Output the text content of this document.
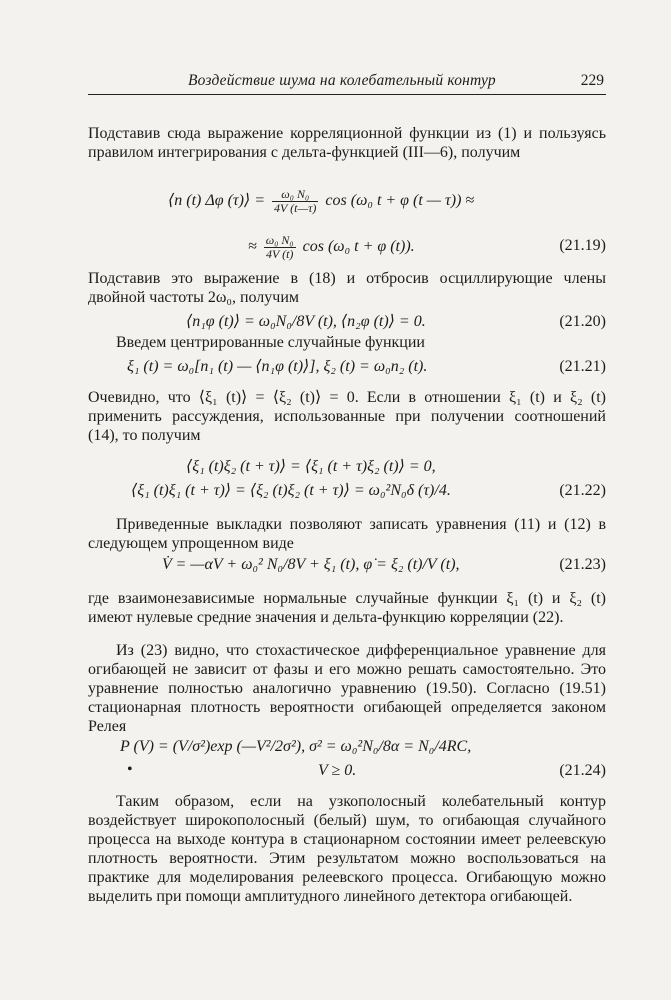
Воздействие шума на колебательный контур	229
Подставив сюда выражение корреляционной функции из (1) и пользуясь правилом интегрирования с дельта-функцией (III—6), получим
⟨n (t) Δφ (τ)⟩ = $\frac{\text{ω₀ N₀}}{4V (t—\tau)}$ cos (ω₀ t + φ (t — τ)) ≈
≈ $\frac{\text{ω₀ N₀}}{4V (t)}$ cos (ω₀ t + φ (t)).	(21.19)
Подставив это выражение в (18) и отбросив осциллирующие члены двойной частоты 2ω₀, получим
⟨n₁φ (t)⟩ = ω₀N₀/8V (t), ⟨n₂φ (t)⟩ = 0.	(21.20)
Введем центрированные случайные функции
ξ₁ (t) = ω₀[n₁ (t) — ⟨n₁φ (t)⟩], ξ₂ (t) = ω₀n₂ (t).	(21.21)
Очевидно, что ⟨ξ₁ (t)⟩ = ⟨ξ₂ (t)⟩ = 0. Если в отношении ξ₁ (t) и ξ₂ (t) применить рассуждения, использованные при получении соотношений (14), то получим
⟨ξ₁ (t)ξ₂ (t + τ)⟩ = ⟨ξ₁ (t + τ)ξ₂ (t)⟩ = 0,
⟨ξ₁ (t)ξ₁ (t + τ)⟩ = ⟨ξ₂ (t)ξ₂ (t + τ)⟩ = ω₀²N₀δ (τ)/4.	(21.22)
Приведенные выкладки позволяют записать уравнения (11) и (12) в следующем упрощенном виде
V̇ = —αV + ω₀² N₀/8V + ξ₁ (t), φ̇ = ξ₂ (t)/V (t),	(21.23)
где взаимонезависимые нормальные случайные функции ξ₁ (t) и ξ₂ (t) имеют нулевые средние значения и дельта-функцию корреляции (22).
Из (23) видно, что стохастическое дифференциальное уравнение для огибающей не зависит от фазы и его можно решать самостоятельно. Это уравнение полностью аналогично уравнению (19.50). Согласно (19.51) стационарная плотность вероятности огибающей определяется законом Релея
P (V) = (V/σ²)exp (—V²/2σ²), σ² = ω₀²N₀/8α = N₀/4RC,
•	V ≥ 0.	(21.24)
Таким образом, если на узкополосный колебательный контур воздействует широкополосный (белый) шум, то огибающая случайного процесса на выходе контура в стационарном состоянии имеет релеевскую плотность вероятности. Этим результатом можно воспользоваться на практике для моделирования релеевского процесса. Огибающую можно выделить при помощи амплитудного линейного детектора огибающей.
